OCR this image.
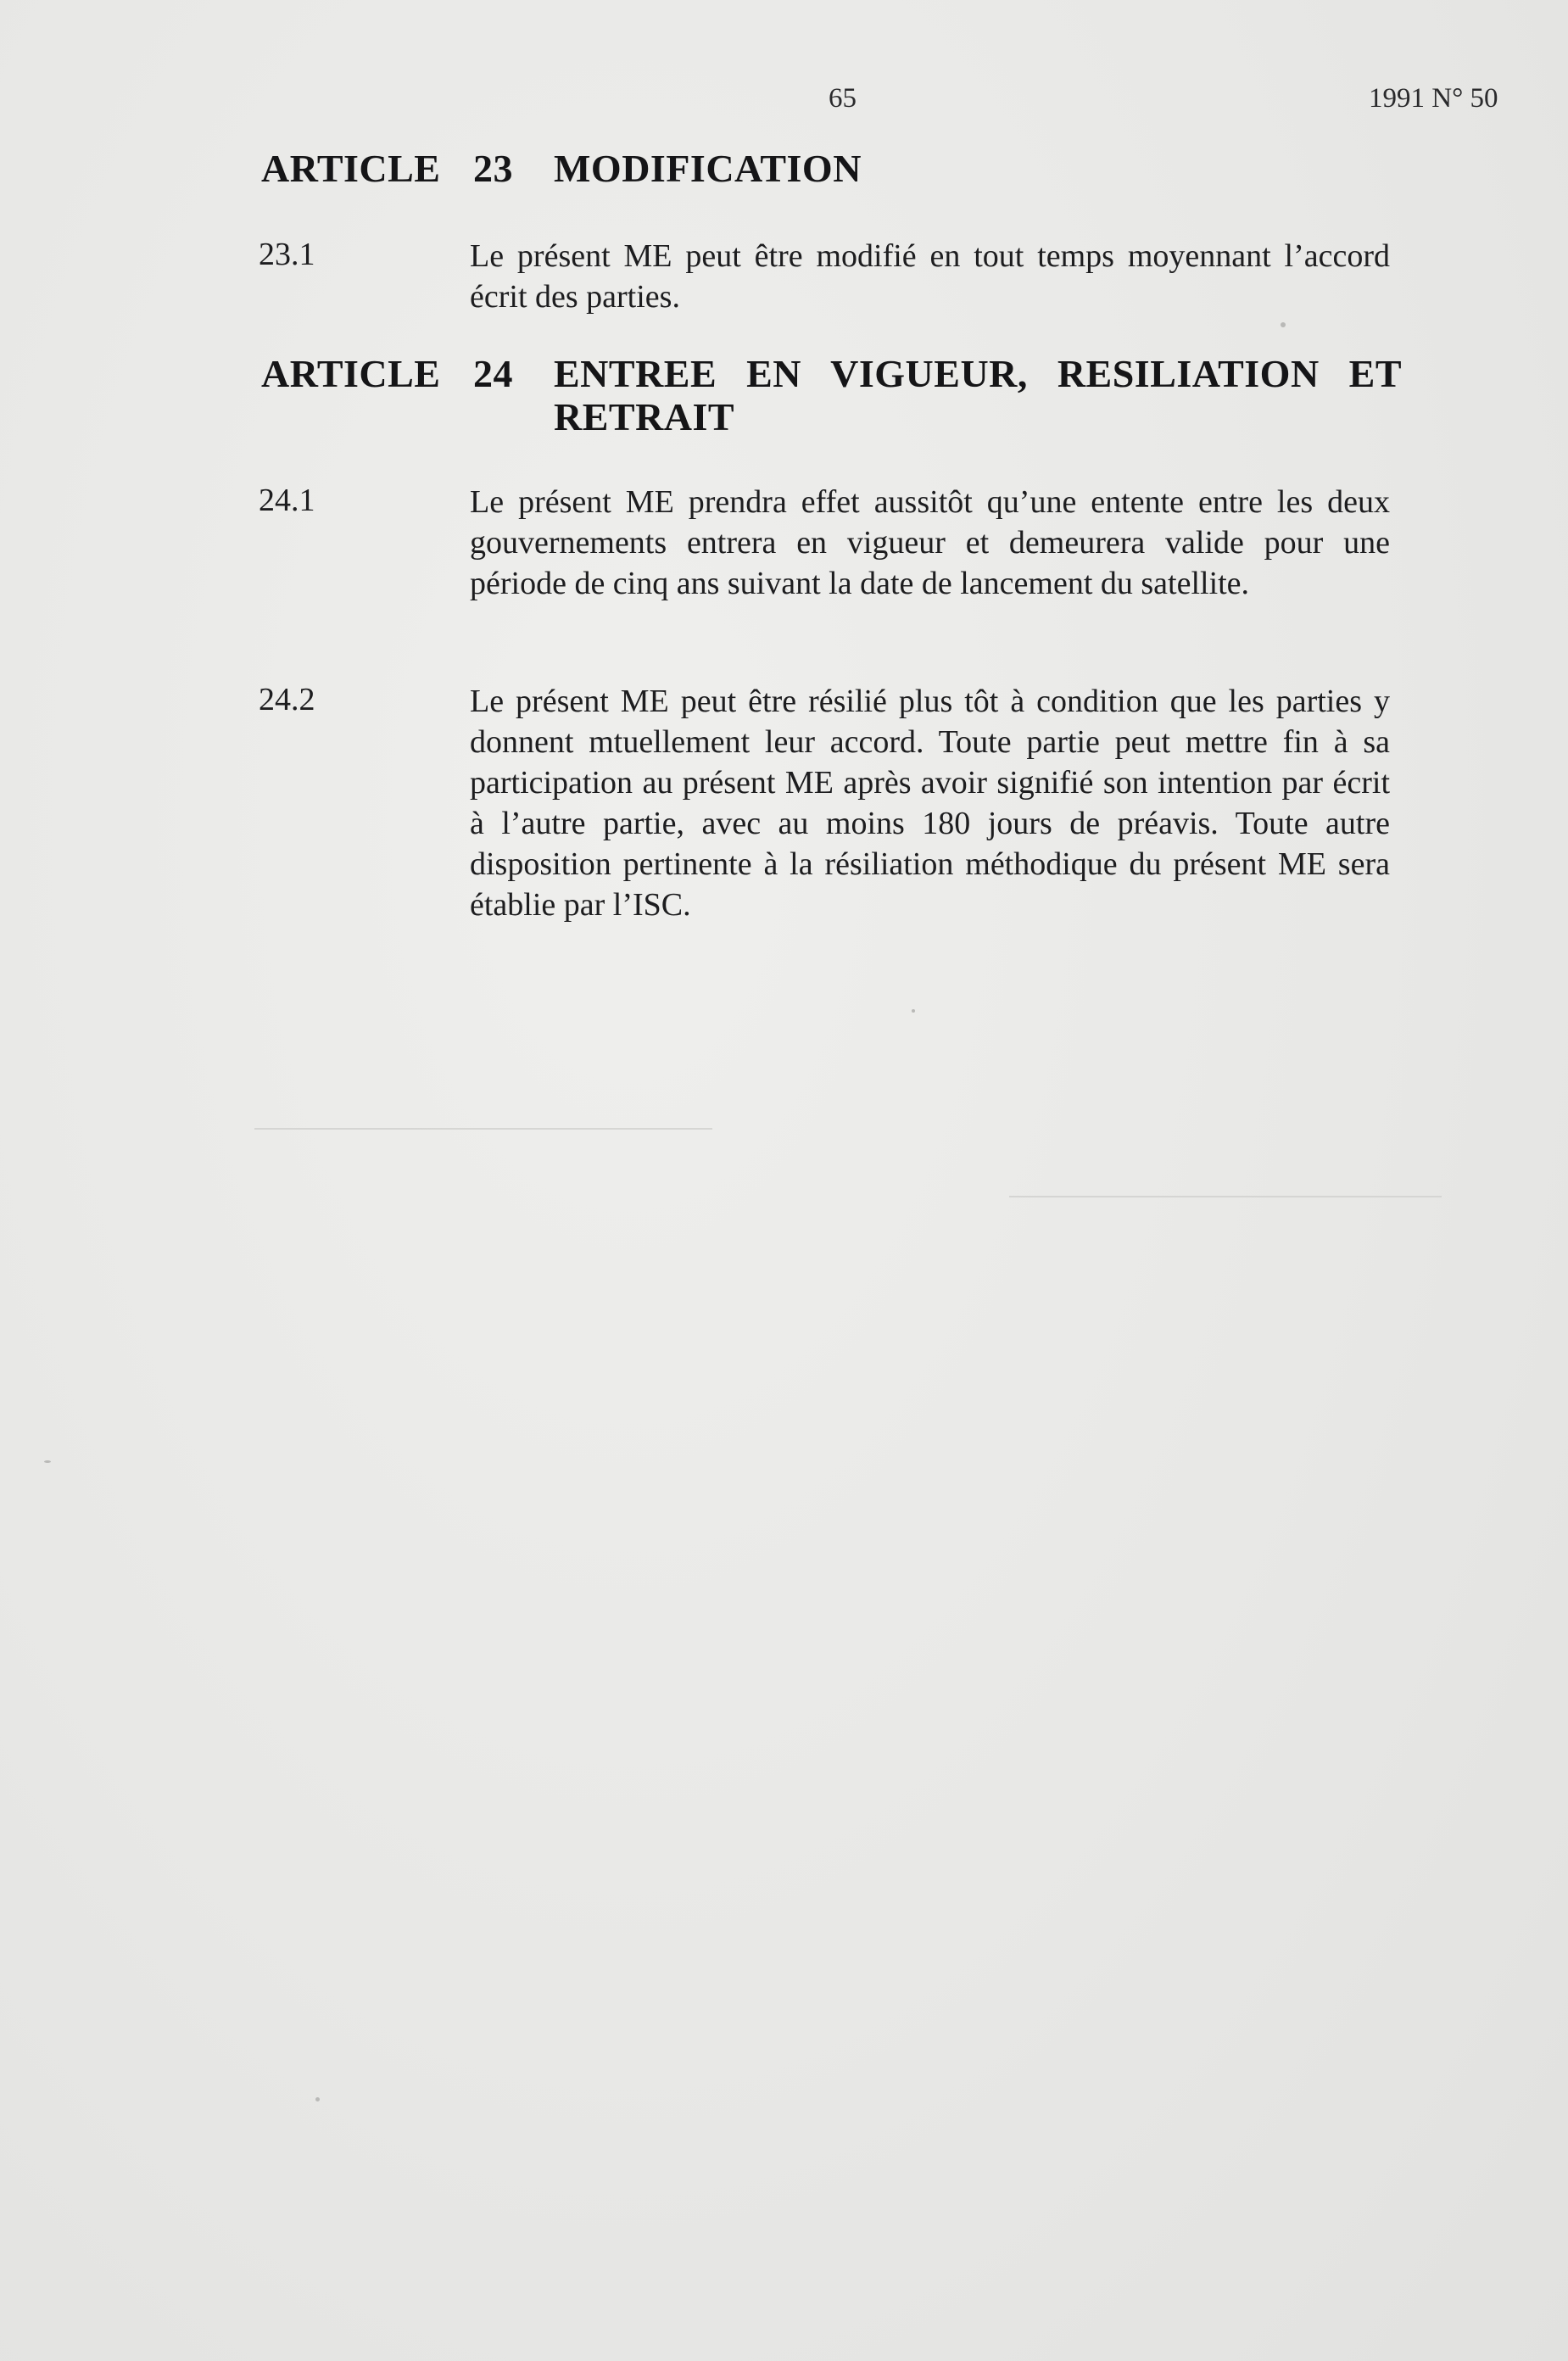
65	1991 N° 50
ARTICLE 23 MODIFICATION
23.1	Le présent ME peut être modifié en tout temps moyennant l’accord écrit des parties.
ARTICLE 24 ENTREE EN VIGUEUR, RESILIATION ET
RETRAIT
24.1	Le présent ME prendra effet aussitôt qu’une entente entre les deux gouvernements entrera en vigueur et demeurera valide pour une période de cinq ans suivant la date de lancement du satellite.
24.2	Le présent ME peut être résilié plus tôt à condition que les parties y donnent mtuellement leur accord. Toute partie peut mettre fin à sa participation au présent ME après avoir signifié son intention par écrit à l’autre partie, avec au moins 180 jours de préavis. Toute autre disposition pertinente à la résiliation méthodique du présent ME sera établie par l’ISC.
